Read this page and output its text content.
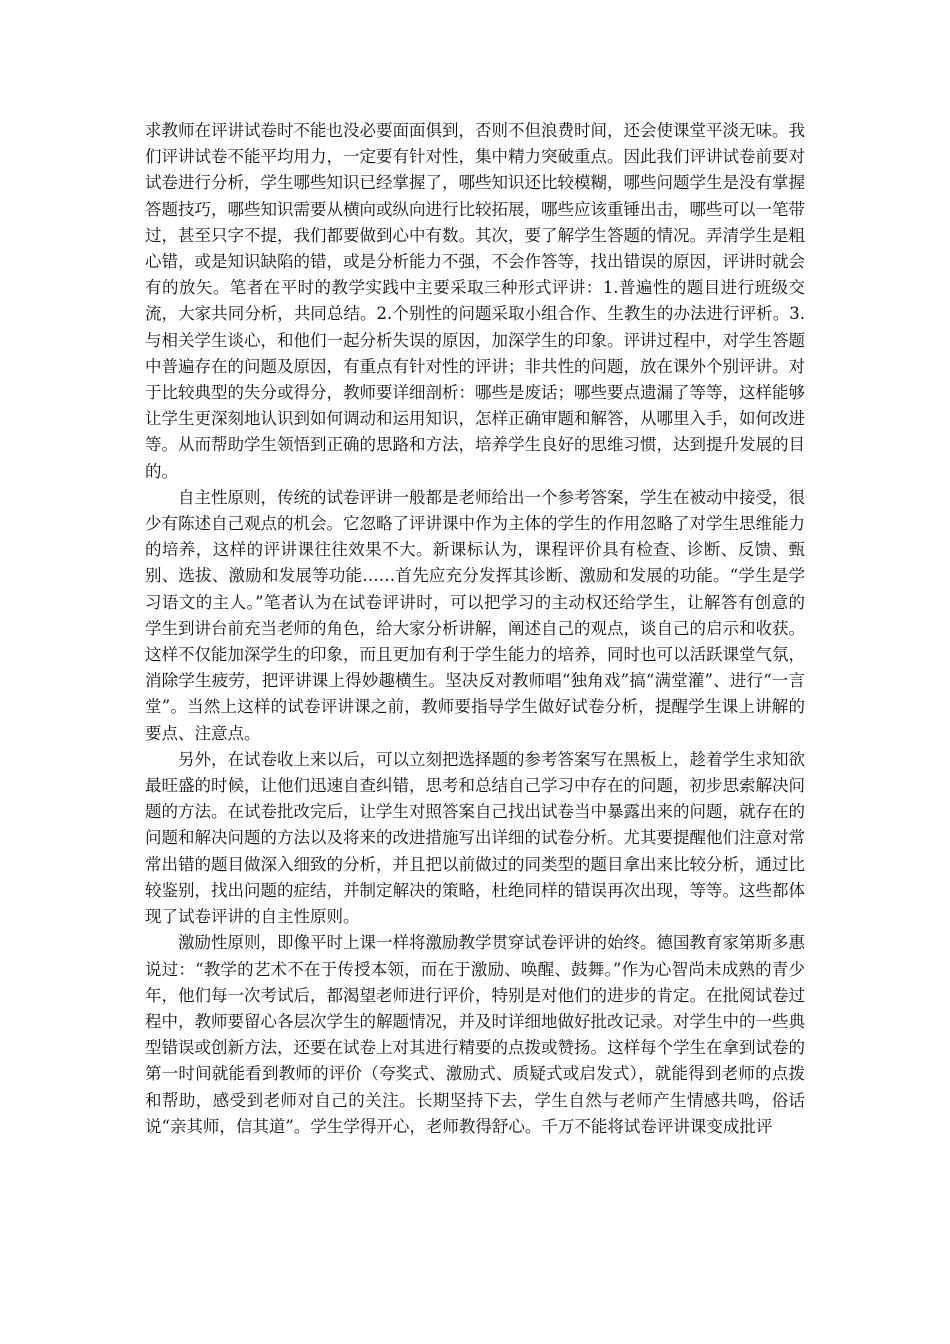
求教师在评讲试卷时不能也没必要面面俱到，否则不但浪费时间，还会使课堂平淡无味。我们评讲试卷不能平均用力，一定要有针对性，集中精力突破重点。因此我们评讲试卷前要对试卷进行分析，学生哪些知识已经掌握了，哪些知识还比较模糊，哪些问题学生是没有掌握答题技巧，哪些知识需要从横向或纵向进行比较拓展，哪些应该重锤出击，哪些可以一笔带过，甚至只字不提，我们都要做到心中有数。其次，要了解学生答题的情况。弄清学生是粗心错，或是知识缺陷的错，或是分析能力不强，不会作答等，找出错误的原因，评讲时就会有的放矢。笔者在平时的教学实践中主要采取三种形式评讲：1.普遍性的题目进行班级交流，大家共同分析，共同总结。2.个别性的问题采取小组合作、生教生的办法进行评析。3.与相关学生谈心，和他们一起分析失误的原因，加深学生的印象。评讲过程中，对学生答题中普遍存在的问题及原因，有重点有针对性的评讲；非共性的问题，放在课外个别评讲。对于比较典型的失分或得分，教师要详细剖析：哪些是废话；哪些要点遗漏了等等，这样能够让学生更深刻地认识到如何调动和运用知识，怎样正确审题和解答，从哪里入手，如何改进等。从而帮助学生领悟到正确的思路和方法，培养学生良好的思维习惯，达到提升发展的目的。

自主性原则，传统的试卷评讲一般都是老师给出一个参考答案，学生在被动中接受，很少有陈述自己观点的机会。它忽略了评讲课中作为主体的学生的作用忽略了对学生思维能力的培养，这样的评讲课往往效果不大。新课标认为，课程评价具有检查、诊断、反馈、甄别、选拔、激励和发展等功能……首先应充分发挥其诊断、激励和发展的功能。“学生是学习语文的主人。”笔者认为在试卷评讲时，可以把学习的主动权还给学生，让解答有创意的学生到讲台前充当老师的角色，给大家分析讲解，阐述自己的观点，谈自己的启示和收获。这样不仅能加深学生的印象，而且更加有利于学生能力的培养，同时也可以活跃课堂气氛，消除学生疲劳，把评讲课上得妙趣横生。坚决反对教师唱“独角戏”搞“满堂灌”、进行“一言堂”。当然上这样的试卷评讲课之前，教师要指导学生做好试卷分析，提醒学生课上讲解的要点、注意点。

另外，在试卷收上来以后，可以立刻把选择题的参考答案写在黑板上，趁着学生求知欲最旺盛的时候，让他们迅速自查纠错，思考和总结自己学习中存在的问题，初步思索解决问题的方法。在试卷批改完后，让学生对照答案自己找出试卷当中暴露出来的问题，就存在的问题和解决问题的方法以及将来的改进措施写出详细的试卷分析。尤其要提醒他们注意对常常出错的题目做深入细致的分析，并且把以前做过的同类型的题目拿出来比较分析，通过比较鉴别，找出问题的症结，并制定解决的策略，杜绝同样的错误再次出现，等等。这些都体现了试卷评讲的自主性原则。

激励性原则，即像平时上课一样将激励教学贯穿试卷评讲的始终。德国教育家第斯多惠说过：“教学的艺术不在于传授本领，而在于激励、唤醒、鼓舞。”作为心智尚未成熟的青少年，他们每一次考试后，都渴望老师进行评价，特别是对他们的进步的肯定。在批阅试卷过程中，教师要留心各层次学生的解题情况，并及时详细地做好批改记录。对学生中的一些典型错误或创新方法，还要在试卷上对其进行精要的点拨或赞扬。这样每个学生在拿到试卷的第一时间就能看到教师的评价（夸奖式、激励式、质疑式或启发式），就能得到老师的点拨和帮助，感受到老师对自己的关注。长期坚持下去，学生自然与老师产生情感共鸣，俗话说“亲其师，信其道”。学生学得开心，老师教得舒心。千万不能将试卷评讲课变成批评
